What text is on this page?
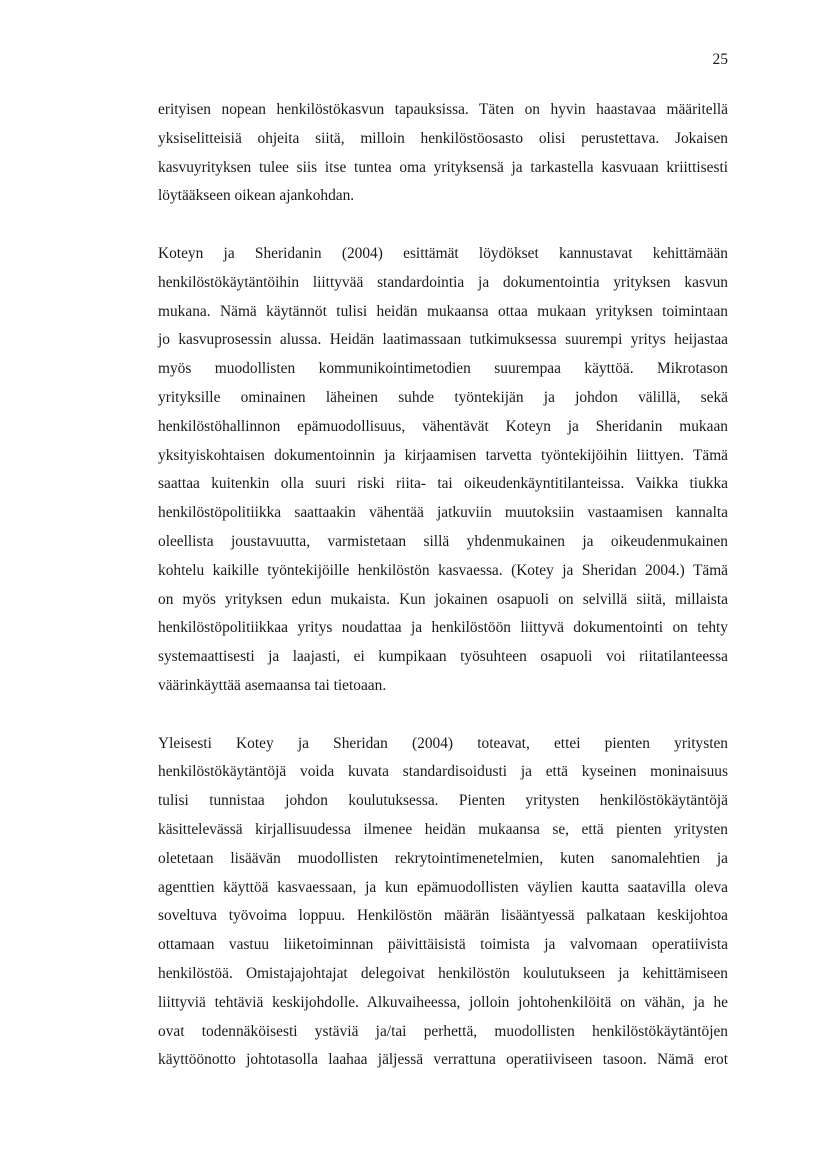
25

erityisen nopean henkilöstökasvun tapauksissa. Täten on hyvin haastavaa määritellä
yksiselitteisiä ohjeita siitä, milloin henkilöstöosasto olisi perustettava. Jokaisen
kasvuyrityksen tulee siis itse tuntea oma yrityksensä ja tarkastella kasvuaan kriittisesti
löytääkseen oikean ajankohdan.

Koteyn ja Sheridanin (2004) esittämät löydökset kannustavat kehittämään
henkilöstökäytäntöihin liittyvää standardointia ja dokumentointia yrityksen kasvun
mukana. Nämä käytännöt tulisi heidän mukaansa ottaa mukaan yrityksen toimintaan
jo kasvuprosessin alussa. Heidän laatimassaan tutkimuksessa suurempi yritys heijastaa
myös muodollisten kommunikointimetodien suurempaa käyttöä. Mikrotason
yrityksille ominainen läheinen suhde työntekijän ja johdon välillä, sekä
henkilöstöhallinnon epämuodollisuus, vähentävät Koteyn ja Sheridanin mukaan
yksityiskohtaisen dokumentoinnin ja kirjaamisen tarvetta työntekijöihin liittyen. Tämä
saattaa kuitenkin olla suuri riski riita- tai oikeudenkäyntitilanteissa. Vaikka tiukka
henkilöstöpolitiikka saattaakin vähentää jatkuviin muutoksiin vastaamisen kannalta
oleellista joustavuutta, varmistetaan sillä yhdenmukainen ja oikeudenmukainen
kohtelu kaikille työntekijöille henkilöstön kasvaessa. (Kotey ja Sheridan 2004.) Tämä
on myös yrityksen edun mukaista. Kun jokainen osapuoli on selvillä siitä, millaista
henkilöstöpolitiikkaa yritys noudattaa ja henkilöstöön liittyvä dokumentointi on tehty
systemaattisesti ja laajasti, ei kumpikaan työsuhteen osapuoli voi riitatilanteessa
väärinkäyttää asemaansa tai tietoaan.

Yleisesti Kotey ja Sheridan (2004) toteavat, ettei pienten yritysten
henkilöstökäytäntöjä voida kuvata standardisoidusti ja että kyseinen moninaisuus
tulisi tunnistaa johdon koulutuksessa. Pienten yritysten henkilöstökäytäntöjä
käsittelevässä kirjallisuudessa ilmenee heidän mukaansa se, että pienten yritysten
oletetaan lisäävän muodollisten rekrytointimenetelmien, kuten sanomalehtien ja
agenttien käyttöä kasvaessaan, ja kun epämuodollisten väylien kautta saatavilla oleva
soveltuva työvoima loppuu. Henkilöstön määrän lisääntyessä palkataan keskijohtoa
ottamaan vastuu liiketoiminnan päivittäisistä toimista ja valvomaan operatiivista
henkilöstöä. Omistajajohtajat delegoivat henkilöstön koulutukseen ja kehittämiseen
liittyviä tehtäviä keskijohdolle. Alkuvaiheessa, jolloin johtohenkilöitä on vähän, ja he
ovat todennäköisesti ystäviä ja/tai perhettä, muodollisten henkilöstökäytäntöjen
käyttöönotto johtotasolla laahaa jäljessä verrattuna operatiiviseen tasoon. Nämä erot
